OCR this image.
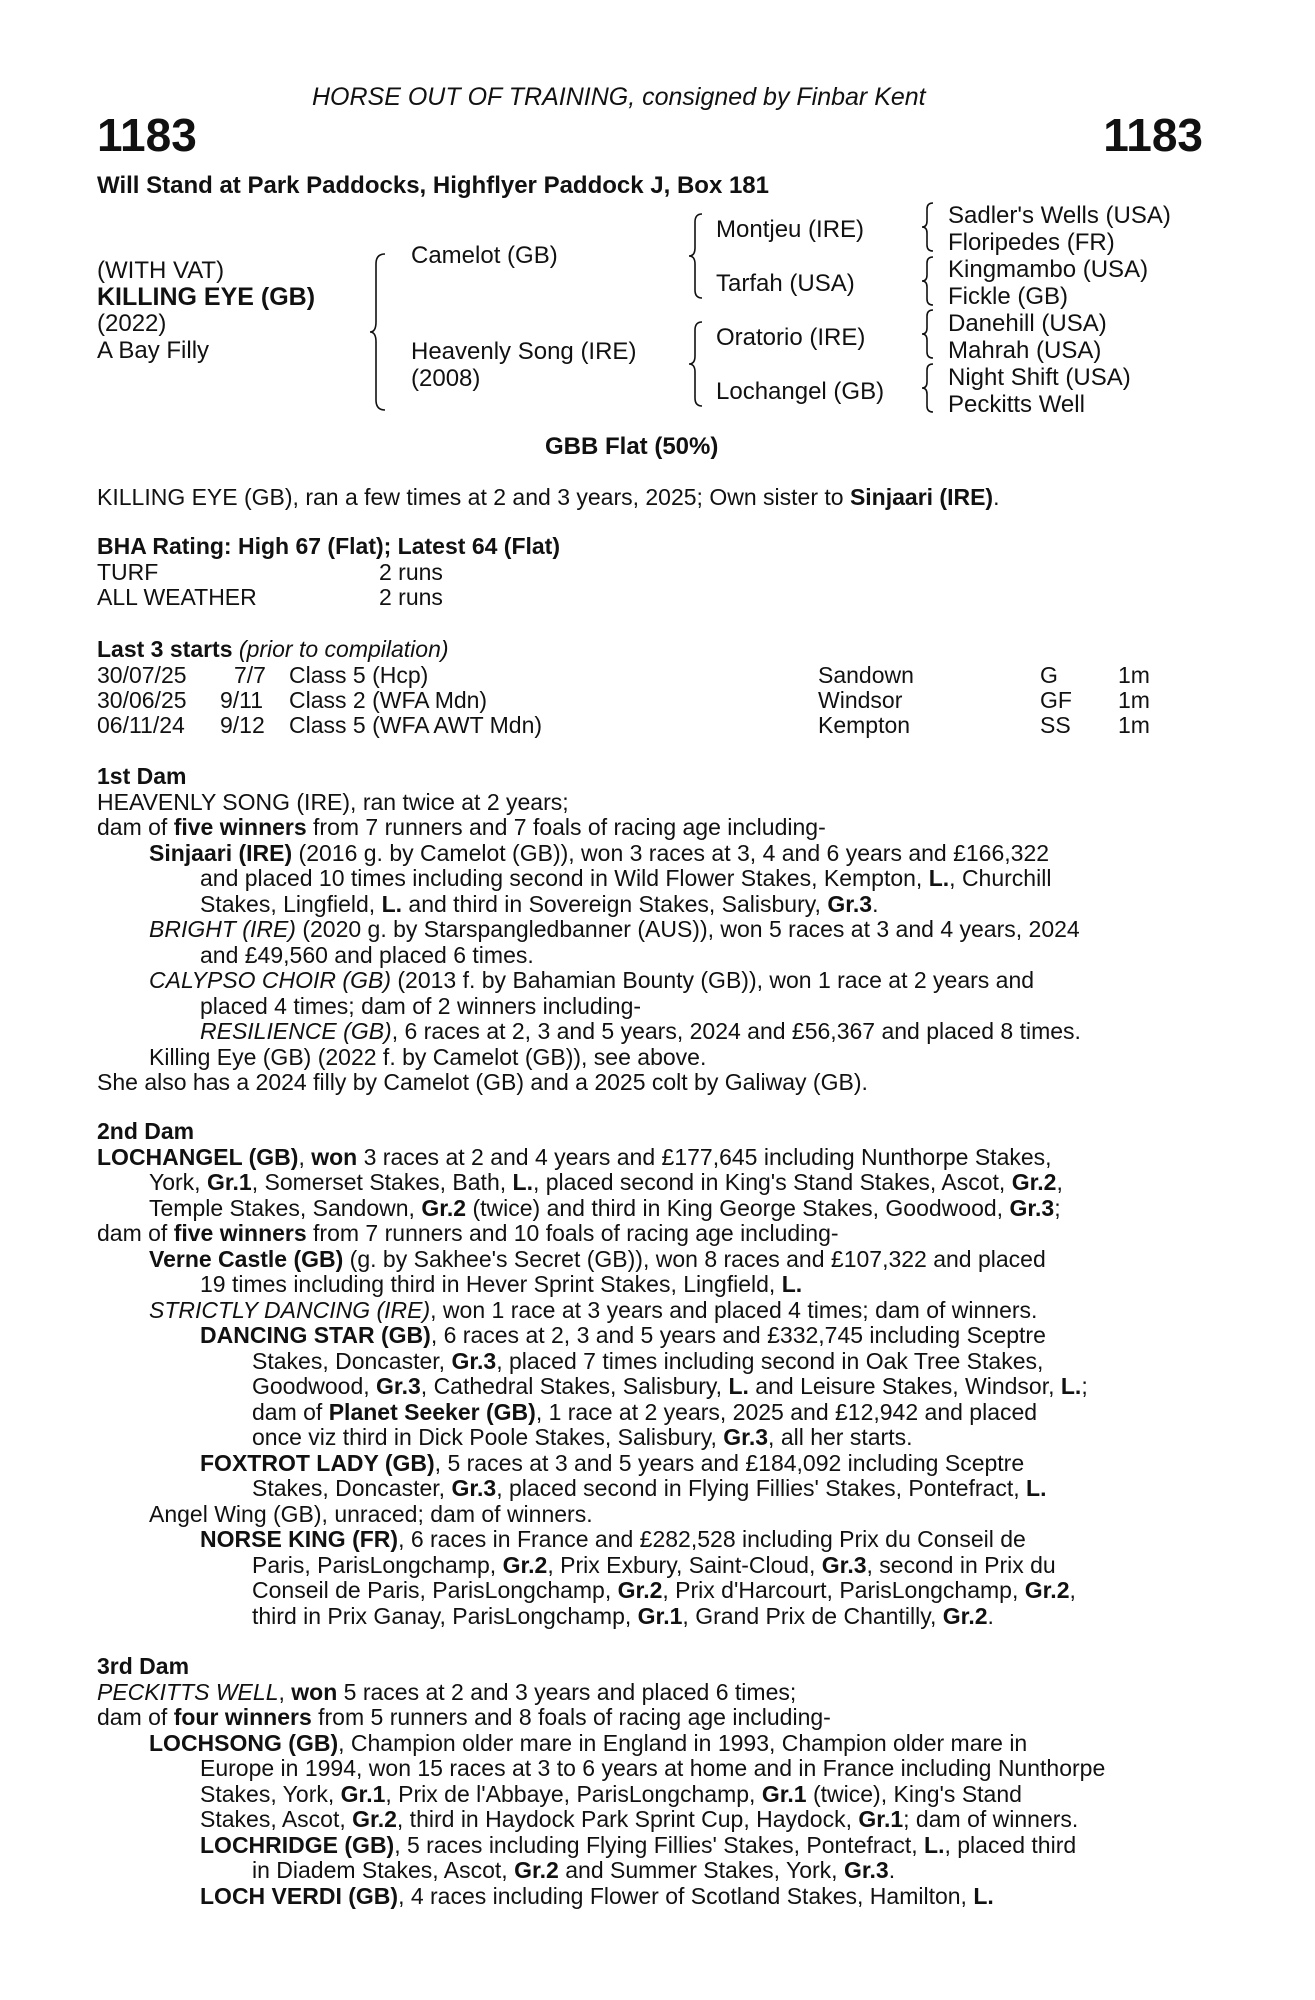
HORSE OUT OF TRAINING, consigned by Finbar Kent
1183	1183
Will Stand at Park Paddocks, Highflyer Paddock J, Box 181
(WITH VAT)
KILLING EYE (GB)
(2022)
A Bay Filly
Camelot (GB)
Heavenly Song (IRE)
(2008)
Montjeu (IRE)
Tarfah (USA)
Oratorio (IRE)
Lochangel (GB)
Sadler's Wells (USA)
Floripedes (FR)
Kingmambo (USA)
Fickle (GB)
Danehill (USA)
Mahrah (USA)
Night Shift (USA)
Peckitts Well
GBB Flat (50%)
KILLING EYE (GB), ran a few times at 2 and 3 years, 2025; Own sister to Sinjaari (IRE).
BHA Rating: High 67 (Flat); Latest 64 (Flat)
TURF	2 runs
ALL WEATHER	2 runs
Last 3 starts (prior to compilation)
30/07/25 7/7 Class 5 (Hcp)	Sandown	G	1m
30/06/25 9/11 Class 2 (WFA Mdn)	Windsor	GF 1m
06/11/24 9/12 Class 5 (WFA AWT Mdn)	Kempton	SS 1m

1st Dam

HEAVENLY SONG (IRE), ran twice at 2 years;

dam of five winners from 7 runners and 7 foals of racing age including-

Sinjaari (IRE) (2016 g. by Camelot (GB)), won 3 races at 3, 4 and 6 years and £166,322

and placed 10 times including second in Wild Flower Stakes, Kempton, L., Churchill

Stakes, Lingfield, L. and third in Sovereign Stakes, Salisbury, Gr.3.

BRIGHT (IRE) (2020 g. by Starspangledbanner (AUS)), won 5 races at 3 and 4 years, 2024

and £49,560 and placed 6 times.

CALYPSO CHOIR (GB) (2013 f. by Bahamian Bounty (GB)), won 1 race at 2 years and

placed 4 times; dam of 2 winners including-

RESILIENCE (GB), 6 races at 2, 3 and 5 years, 2024 and £56,367 and placed 8 times.

Killing Eye (GB) (2022 f. by Camelot (GB)), see above.

She also has a 2024 filly by Camelot (GB) and a 2025 colt by Galiway (GB).

2nd Dam

LOCHANGEL (GB), won 3 races at 2 and 4 years and £177,645 including Nunthorpe Stakes,

York, Gr.1, Somerset Stakes, Bath, L., placed second in King's Stand Stakes, Ascot, Gr.2,

Temple Stakes, Sandown, Gr.2 (twice) and third in King George Stakes, Goodwood, Gr.3;

dam of five winners from 7 runners and 10 foals of racing age including-

Verne Castle (GB) (g. by Sakhee's Secret (GB)), won 8 races and £107,322 and placed

19 times including third in Hever Sprint Stakes, Lingfield, L.

STRICTLY DANCING (IRE), won 1 race at 3 years and placed 4 times; dam of winners.

DANCING STAR (GB), 6 races at 2, 3 and 5 years and £332,745 including Sceptre

Stakes, Doncaster, Gr.3, placed 7 times including second in Oak Tree Stakes,

Goodwood, Gr.3, Cathedral Stakes, Salisbury, L. and Leisure Stakes, Windsor, L.;

dam of Planet Seeker (GB), 1 race at 2 years, 2025 and £12,942 and placed

once viz third in Dick Poole Stakes, Salisbury, Gr.3, all her starts.

FOXTROT LADY (GB), 5 races at 3 and 5 years and £184,092 including Sceptre

Stakes, Doncaster, Gr.3, placed second in Flying Fillies' Stakes, Pontefract, L.

Angel Wing (GB), unraced; dam of winners.

NORSE KING (FR), 6 races in France and £282,528 including Prix du Conseil de

Paris, ParisLongchamp, Gr.2, Prix Exbury, Saint-Cloud, Gr.3, second in Prix du

Conseil de Paris, ParisLongchamp, Gr.2, Prix d'Harcourt, ParisLongchamp, Gr.2,

third in Prix Ganay, ParisLongchamp, Gr.1, Grand Prix de Chantilly, Gr.2.

3rd Dam

PECKITTS WELL, won 5 races at 2 and 3 years and placed 6 times;

dam of four winners from 5 runners and 8 foals of racing age including-

LOCHSONG (GB), Champion older mare in England in 1993, Champion older mare in

Europe in 1994, won 15 races at 3 to 6 years at home and in France including Nunthorpe

Stakes, York, Gr.1, Prix de l'Abbaye, ParisLongchamp, Gr.1 (twice), King's Stand

Stakes, Ascot, Gr.2, third in Haydock Park Sprint Cup, Haydock, Gr.1; dam of winners.

LOCHRIDGE (GB), 5 races including Flying Fillies' Stakes, Pontefract, L., placed third

in Diadem Stakes, Ascot, Gr.2 and Summer Stakes, York, Gr.3.

LOCH VERDI (GB), 4 races including Flower of Scotland Stakes, Hamilton, L.
